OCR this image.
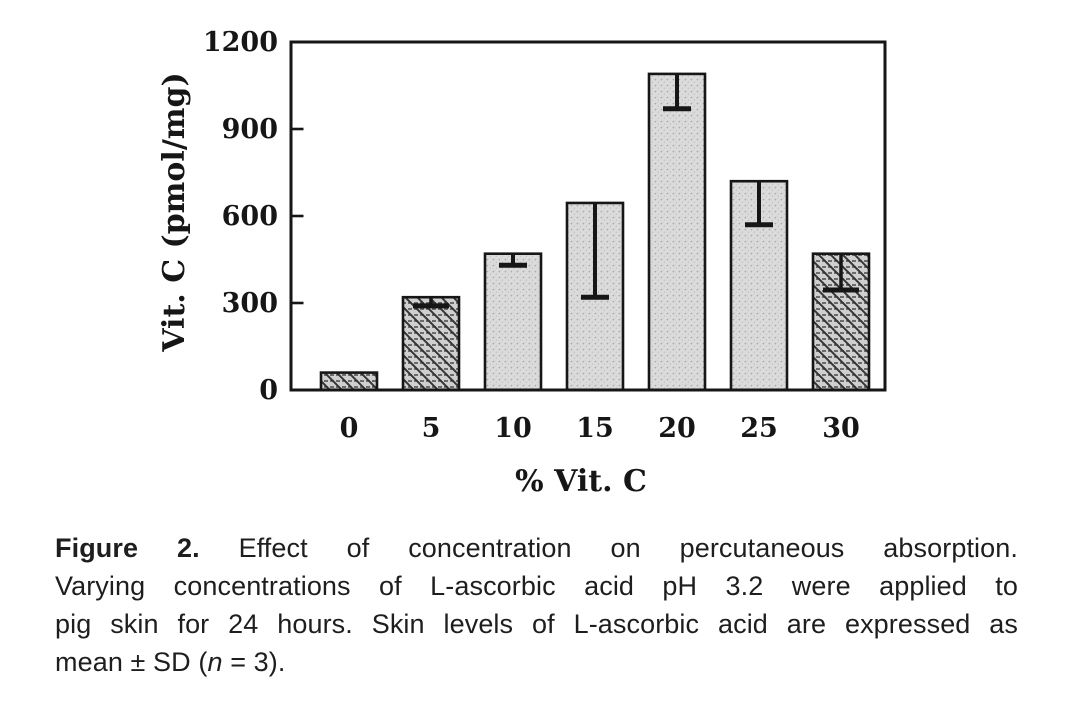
0
300
600
900
1200
0 5 10 15 20 25 30
% Vit. C
Vit. C (pmol/mg)
Figure 2. Effect of concentration on percutaneous absorption.
Varying concentrations of L-ascorbic acid pH 3.2 were applied to
pig skin for 24 hours. Skin levels of L-ascorbic acid are expressed as
mean ± SD (n = 3).
